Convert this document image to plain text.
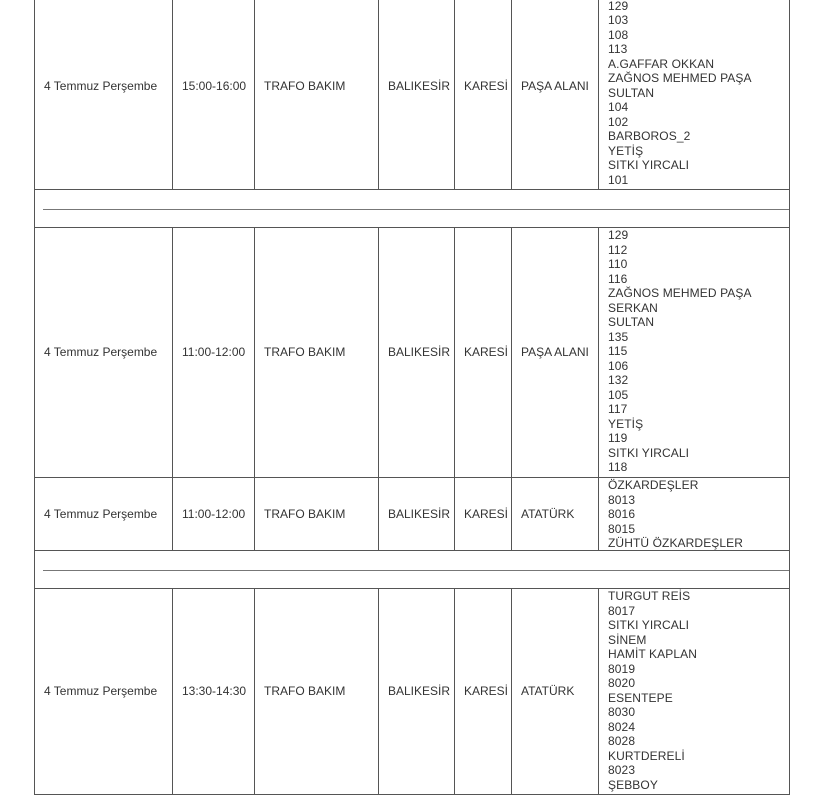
4 Temmuz Perşembe	15:00-16:00	TRAFO BAKIM	BALIKESİR	KARESİ	PAŞA ALANI
129
103
108
113
A.GAFFAR OKKAN
ZAĞNOS MEHMED PAŞA
SULTAN
104
102
BARBOROS_2
YETİŞ
SITKI YIRCALI
101
4 Temmuz Perşembe	11:00-12:00	TRAFO BAKIM	BALIKESİR	KARESİ	PAŞA ALANI
129
112
110
116
ZAĞNOS MEHMED PAŞA
SERKAN
SULTAN
135
115
106
132
105
117
YETİŞ
119
SITKI YIRCALI
118
4 Temmuz Perşembe	11:00-12:00	TRAFO BAKIM	BALIKESİR	KARESİ	ATATÜRK
ÖZKARDEŞLER
8013
8016
8015
ZÜHTÜ ÖZKARDEŞLER
4 Temmuz Perşembe	13:30-14:30	TRAFO BAKIM	BALIKESİR	KARESİ	ATATÜRK
TURGUT REİS
8017
SITKI YIRCALI
SİNEM
HAMİT KAPLAN
8019
8020
ESENTEPE
8030
8024
8028
KURTDERELİ
8023
ŞEBBOY
